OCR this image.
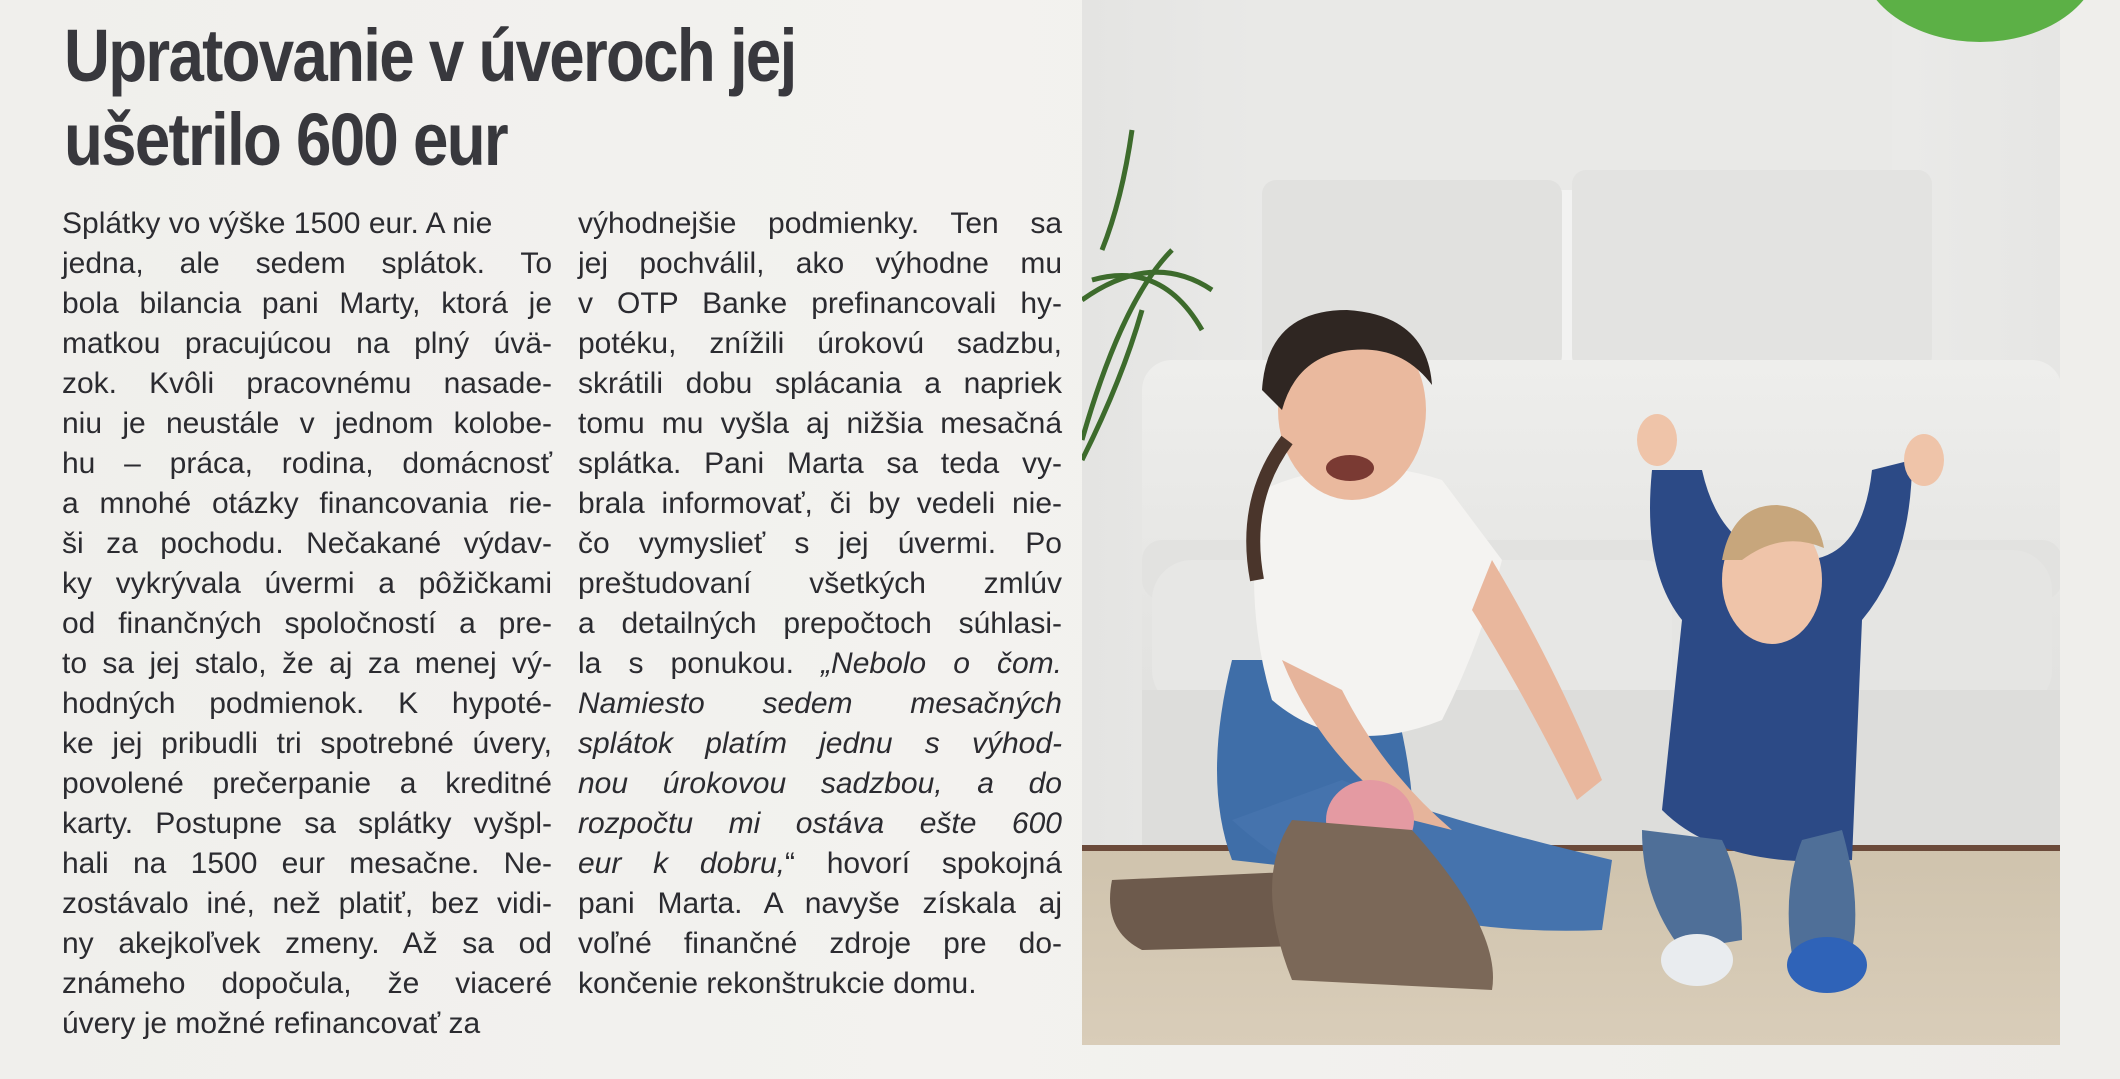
Upratovanie v úveroch jej
ušetrilo 600 eur
Splátky vo výške 1500 eur. A nie
jedna, ale sedem splátok. To
bola bilancia pani Marty, ktorá je
matkou pracujúcou na plný úvä-
zok. Kvôli pracovnému nasade-
niu je neustále v jednom kolobe-
hu – práca, rodina, domácnosť
a mnohé otázky financovania rie-
ši za pochodu. Nečakané výdav-
ky vykrývala úvermi a pôžičkami
od finančných spoločností a pre-
to sa jej stalo, že aj za menej vý-
hodných podmienok. K hypoté-
ke jej pribudli tri spotrebné úvery,
povolené prečerpanie a kreditné
karty. Postupne sa splátky vyšpl-
hali na 1500 eur mesačne. Ne-
zostávalo iné, než platiť, bez vidi-
ny akejkoľvek zmeny. Až sa od
známeho dopočula, že viaceré
úvery je možné refinancovať za
výhodnejšie podmienky. Ten sa
jej pochválil, ako výhodne mu
v OTP Banke prefinancovali hy-
potéku, znížili úrokovú sadzbu,
skrátili dobu splácania a napriek
tomu mu vyšla aj nižšia mesačná
splátka. Pani Marta sa teda vy-
brala informovať, či by vedeli nie-
čo vymyslieť s jej úvermi. Po
preštudovaní všetkých zmlúv
a detailných prepočtoch súhlasi-
la s ponukou. „Nebolo o čom.
Namiesto sedem mesačných
splátok platím jednu s výhod-
nou úrokovou sadzbou, a do
rozpočtu mi ostáva ešte 600
eur k dobru,“ hovorí spokojná
pani Marta. A navyše získala aj
voľné finančné zdroje pre do-
končenie rekonštrukcie domu.
